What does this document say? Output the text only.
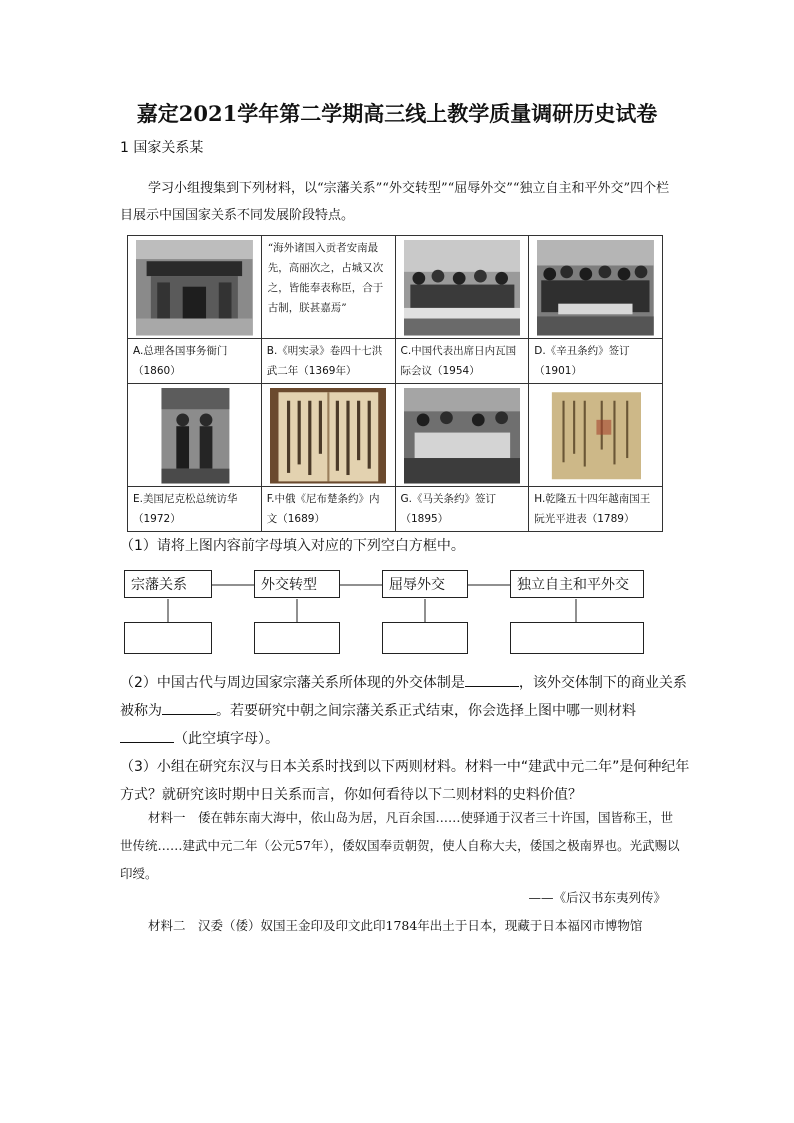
嘉定2021学年第二学期高三线上教学质量调研历史试卷
1 国家关系某
学习小组搜集到下列材料，以“宗藩关系”“外交转型”“屈辱外交”“独立自主和平外交”四个栏目展示中国国家关系不同发展阶段特点。

“海外诸国入贡者安南最先，高丽次之，占城又次之，皆能奉表称臣，合于古制，朕甚嘉焉”

A.总理各国事务衙门（1860）	B.《明实录》卷四十七洪武二年（1369年）	C.中国代表出席日内瓦国际会议（1954）	D.《辛丑条约》签订（1901）

E.美国尼克松总统访华（1972）	F.中俄《尼布楚条约》内文（1689）	G.《马关条约》签订（1895）	H.乾隆五十四年越南国王阮光平进表（1789）
（1）请将上图内容前字母填入对应的下列空白方框中。
宗藩关系	外交转型	屈辱外交	独立自主和平外交
（2）中国古代与周边国家宗藩关系所体现的外交体制是	，该外交体制下的商业关系被称为	。若要研究中朝之间宗藩关系正式结束，你会选择上图中哪一则材料
（此空填字母）。
（3）小组在研究东汉与日本关系时找到以下两则材料。材料一中“建武中元二年”是何种纪年方式？就研究该时期中日关系而言，你如何看待以下二则材料的史料价值？
材料一　倭在韩东南大海中，依山岛为居，凡百余国……使驿通于汉者三十许国，国皆称王，世世传统……建武中元二年（公元57年），倭奴国奉贡朝贺，使人自称大夫，倭国之极南界也。光武赐以印绶。
——《后汉书东夷列传》
材料二　汉委（倭）奴国王金印及印文此印1784年出土于日本，现藏于日本福冈市博物馆
